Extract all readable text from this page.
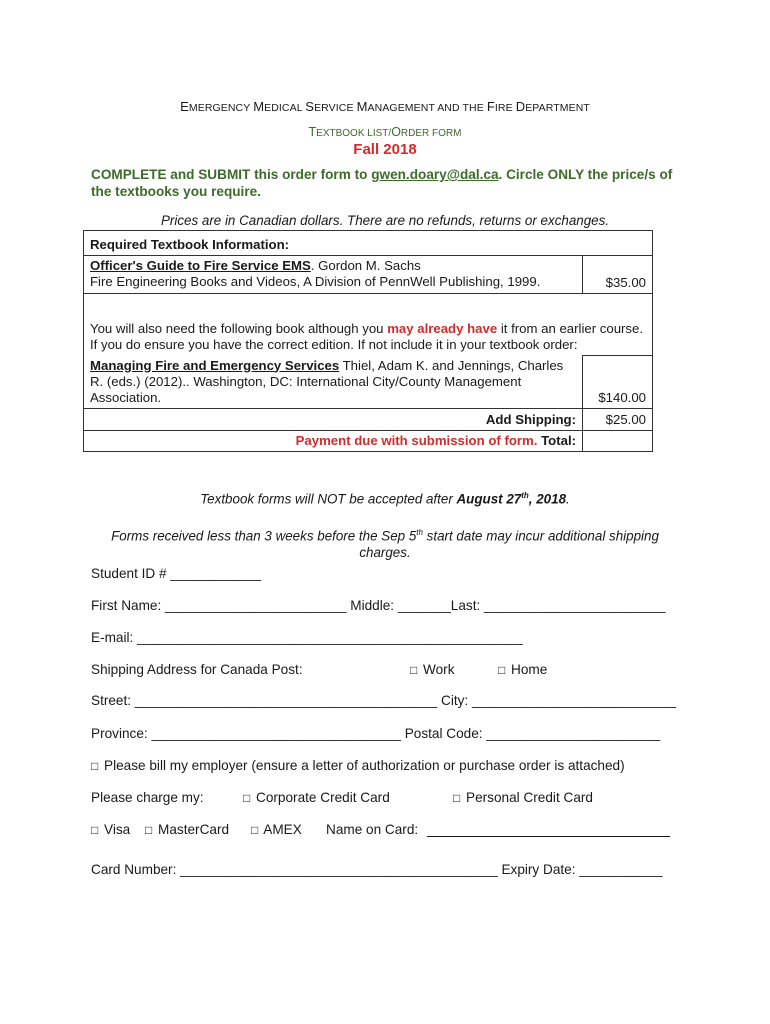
EMERGENCY MEDICAL SERVICE MANAGEMENT AND THE FIRE DEPARTMENT
TEXTBOOK LIST/ORDER FORM
Fall 2018
COMPLETE and SUBMIT this order form to gwen.doary@dal.ca. Circle ONLY the price/s of the textbooks you require.
Prices are in Canadian dollars. There are no refunds, returns or exchanges.
Required Textbook Information:	
Officer's Guide to Fire Service EMS. Gordon M. Sachs
Fire Engineering Books and Videos, A Division of PennWell Publishing, 1999.	$35.00
You will also need the following book although you may already have it from an earlier course. If you do ensure you have the correct edition. If not include it in your textbook order:	
Managing Fire and Emergency Services Thiel, Adam K. and Jennings, Charles R. (eds.) (2012).. Washington, DC: International City/County Management Association.	$140.00
Add Shipping:	$25.00
Payment due with submission of form. Total:	
Textbook forms will NOT be accepted after August 27th, 2018.
Forms received less than 3 weeks before the Sep 5th start date may incur additional shipping charges.
Student ID # ____________
First Name: ________________________ Middle: _______Last: ________________________
E-mail: ___________________________________________________
Shipping Address for Canada Post:	□ Work	□ Home
Street: ________________________________________ City: ___________________________
Province: _________________________________ Postal Code: _______________________
□ Please bill my employer (ensure a letter of authorization or purchase order is attached)
Please charge my:	□ Corporate Credit Card	□ Personal Credit Card
□ Visa □ MasterCard □ AMEX Name on Card:
Card Number: __________________________________________ Expiry Date: ___________
